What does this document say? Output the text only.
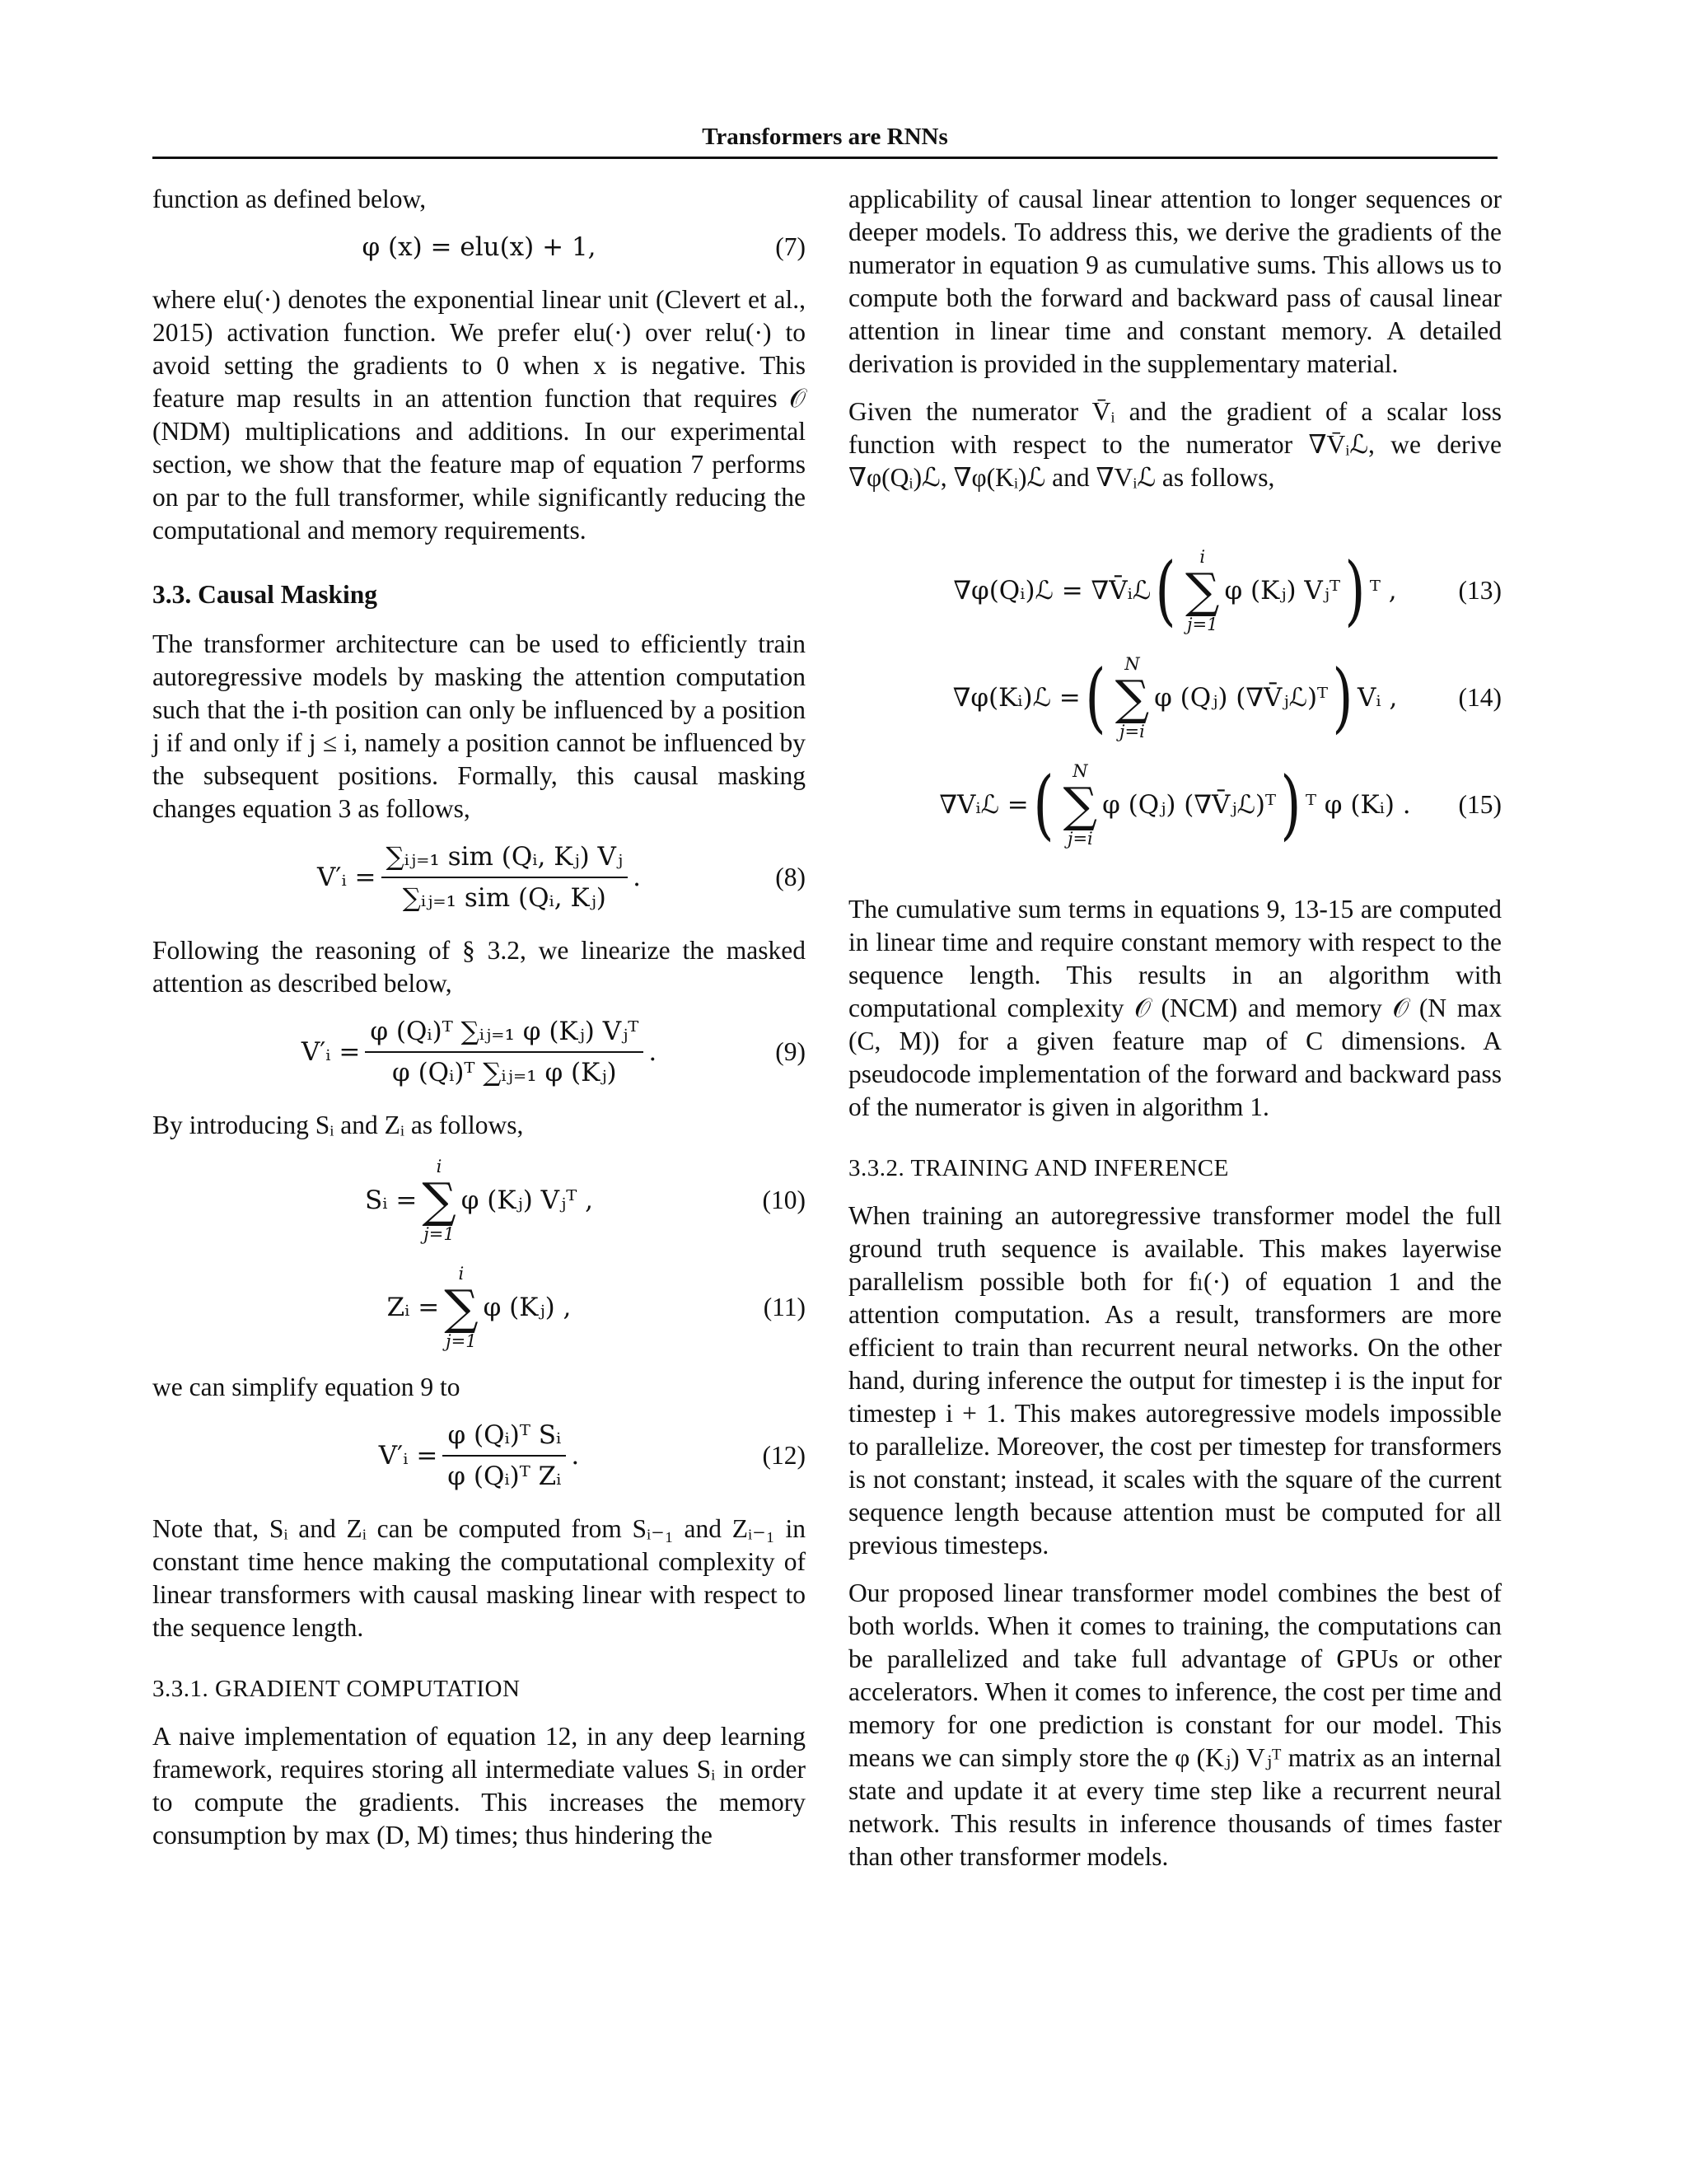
Transformers are RNNs

function as defined below,

φ (x) = elu(x) + 1,	(7)

where elu(·) denotes the exponential linear unit (Clevert et al., 2015) activation function. We prefer elu(·) over relu(·) to avoid setting the gradients to 0 when x is negative. This feature map results in an attention function that requires 𝒪 (NDM) multiplications and additions. In our experimental section, we show that the feature map of equation 7 performs on par to the full transformer, while significantly reducing the computational and memory requirements.

3.3. Causal Masking

The transformer architecture can be used to efficiently train autoregressive models by masking the attention computation such that the i-th position can only be influenced by a position j if and only if j ≤ i, namely a position cannot be influenced by the subsequent positions. Formally, this causal masking changes equation 3 as follows,

V′ᵢ = $\frac{\text{∑ᵢⱼ₌₁ sim (Qᵢ, Kⱼ) Vⱼ}}{\text{∑ᵢⱼ₌₁ sim (Qᵢ, Kⱼ)}}$ .	(8)

Following the reasoning of § 3.2, we linearize the masked attention as described below,

V′ᵢ = $\frac{\text{φ (Qᵢ)ᵀ ∑ᵢⱼ₌₁ φ (Kⱼ) Vⱼᵀ}}{\text{φ (Qᵢ)ᵀ ∑ᵢⱼ₌₁ φ (Kⱼ)}}$ .	(9)

By introducing Sᵢ and Zᵢ as follows,

Sᵢ =
i
∑
j=1
φ (Kⱼ) Vⱼᵀ ,	(10)
Zᵢ =
i
∑
j=1
φ (Kⱼ) ,	(11)

we can simplify equation 9 to

V′ᵢ = $\frac{\text{φ (Qᵢ)ᵀ Sᵢ}}{\text{φ (Qᵢ)ᵀ Zᵢ}}$ .	(12)

Note that, Sᵢ and Zᵢ can be computed from Sᵢ₋₁ and Zᵢ₋₁ in constant time hence making the computational complexity of linear transformers with causal masking linear with respect to the sequence length.

3.3.1. GRADIENT COMPUTATION

A naive implementation of equation 12, in any deep learning framework, requires storing all intermediate values Sᵢ in order to compute the gradients. This increases the memory consumption by max (D, M) times; thus hindering the

applicability of causal linear attention to longer sequences or deeper models. To address this, we derive the gradients of the numerator in equation 9 as cumulative sums. This allows us to compute both the forward and backward pass of causal linear attention in linear time and constant memory. A detailed derivation is provided in the supplementary material.

Given the numerator V̄ᵢ and the gradient of a scalar loss function with respect to the numerator ∇V̄ᵢℒ, we derive ∇φ(Qᵢ)ℒ, ∇φ(Kᵢ)ℒ and ∇Vᵢℒ as follows,

∇φ(Qᵢ)ℒ = ∇V̄ᵢℒ ( i
∑
j=1
φ (Kⱼ) Vⱼᵀ ) ᵀ , (13)
∇φ(Kᵢ)ℒ = ( N
∑
j=i
φ (Qⱼ) (∇V̄ⱼℒ)ᵀ ) Vᵢ , (14)
∇Vᵢℒ = ( N
∑
j=i
φ (Qⱼ) (∇V̄ⱼℒ)ᵀ ) ᵀ φ (Kᵢ) . (15)

The cumulative sum terms in equations 9, 13-15 are computed in linear time and require constant memory with respect to the sequence length. This results in an algorithm with computational complexity 𝒪 (NCM) and memory 𝒪 (N max (C, M)) for a given feature map of C dimensions. A pseudocode implementation of the forward and backward pass of the numerator is given in algorithm 1.

3.3.2. TRAINING AND INFERENCE

When training an autoregressive transformer model the full ground truth sequence is available. This makes layerwise parallelism possible both for fₗ(·) of equation 1 and the attention computation. As a result, transformers are more efficient to train than recurrent neural networks. On the other hand, during inference the output for timestep i is the input for timestep i + 1. This makes autoregressive models impossible to parallelize. Moreover, the cost per timestep for transformers is not constant; instead, it scales with the square of the current sequence length because attention must be computed for all previous timesteps.

Our proposed linear transformer model combines the best of both worlds. When it comes to training, the computations can be parallelized and take full advantage of GPUs or other accelerators. When it comes to inference, the cost per time and memory for one prediction is constant for our model. This means we can simply store the φ (Kⱼ) Vⱼᵀ matrix as an internal state and update it at every time step like a recurrent neural network. This results in inference thousands of times faster than other transformer models.
